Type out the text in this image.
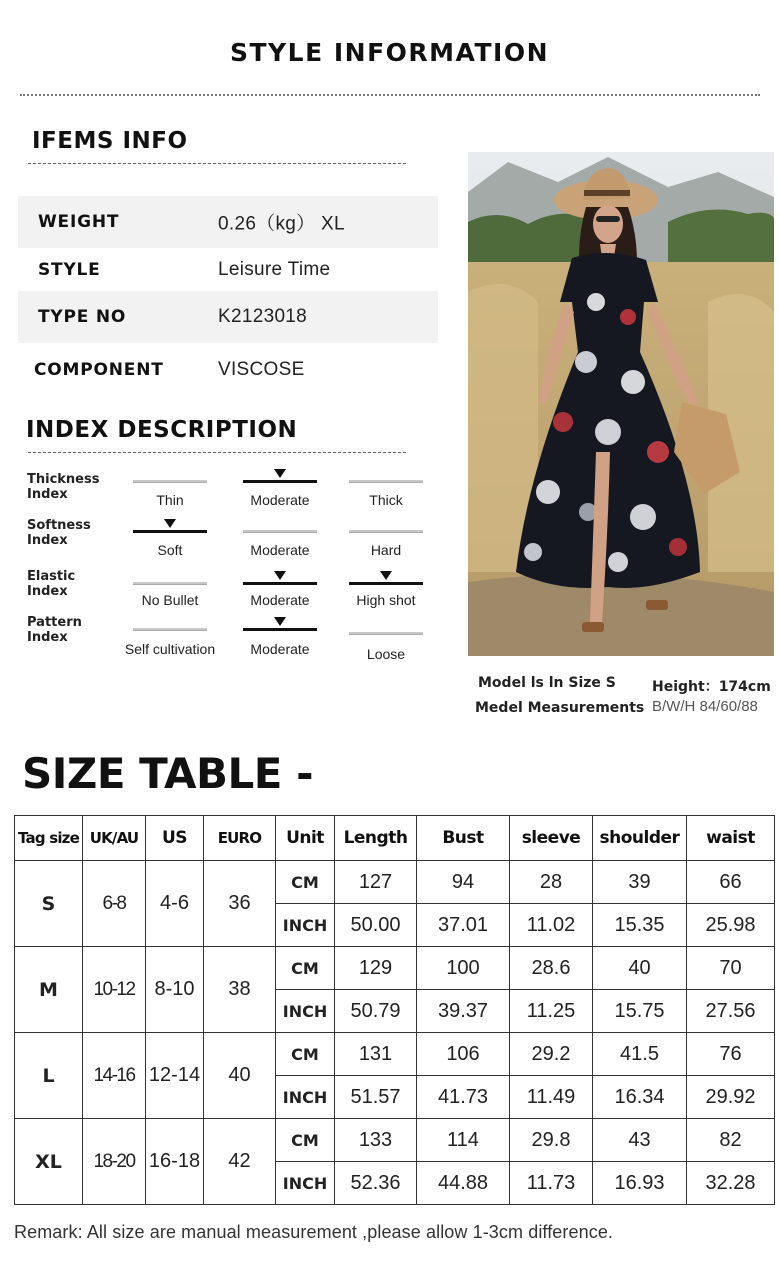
STYLE INFORMATION
IFEMS INFO
WEIGHT	0.26（kg） XL
STYLE	Leisure Time
TYPE NO	K2123018
COMPONENT	VISCOSE
INDEX DESCRIPTION
Thickness
Index	Thin	Moderate	Thick
Softness
Index
Soft	Moderate	Hard
Elastic
Index
No Bullet	Moderate	High shot
Pattern
Index
Self cultivation	Moderate	Loose
Model ls ln Size S	Height：174cm
Medel Measurements B/W/H 84/60/88
SIZE TABLE -
Tag size	UK/AU	US	EURO	Unit	Length	Bust	sleeve	shoulder	waist
S	6-8	4-6	36	CM	127	94	28	39	66
				INCH	50.00	37.01	11.02	15.35	25.98
M	10-12	8-10	38	CM	129	100	28.6	40	70
				INCH	50.79	39.37	11.25	15.75	27.56
L	14-16	12-14	40	CM	131	106	29.2	41.5	76
				INCH	51.57	41.73	11.49	16.34	29.92
XL	18-20	16-18	42	CM	133	114	29.8	43	82
				INCH	52.36	44.88	11.73	16.93	32.28
Remark: All size are manual measurement ,please allow 1-3cm difference.
